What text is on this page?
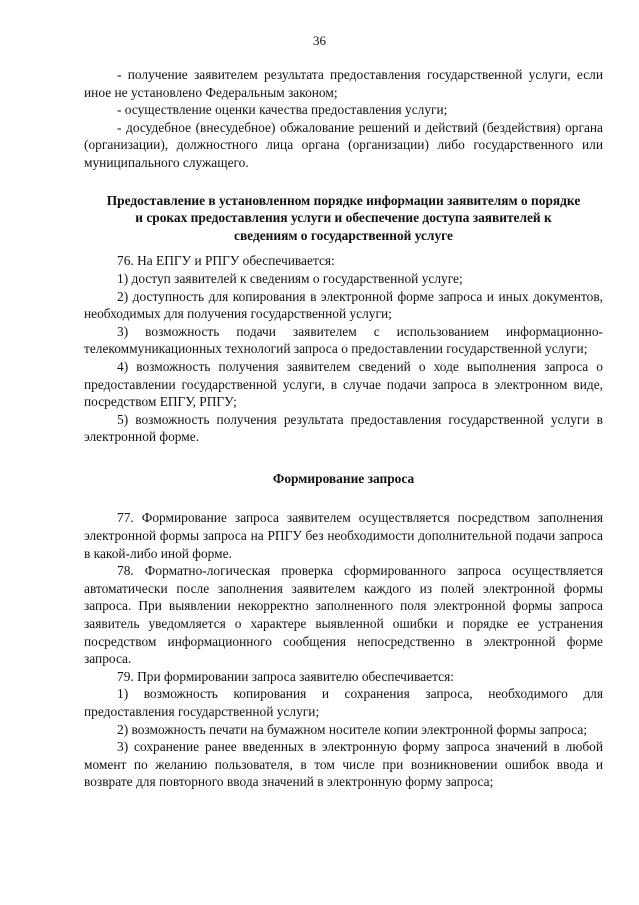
36

- получение заявителем результата предоставления государственной услуги, если иное не установлено Федеральным законом;

- осуществление оценки качества предоставления услуги;

- досудебное (внесудебное) обжалование решений и действий (бездействия) органа (организации), должностного лица органа (организации) либо государственного или муниципального служащего.

Предоставление в установленном порядке информации заявителям о порядке и сроках предоставления услуги и обеспечение доступа заявителей к сведениям о государственной услуге

76. На ЕПГУ и РПГУ обеспечивается:

1) доступ заявителей к сведениям о государственной услуге;

2) доступность для копирования в электронной форме запроса и иных документов, необходимых для получения государственной услуги;

3) возможность подачи заявителем с использованием информационно-телекоммуникационных технологий запроса о предоставлении государственной услуги;

4) возможность получения заявителем сведений о ходе выполнения запроса о предоставлении государственной услуги, в случае подачи запроса в электронном виде, посредством ЕПГУ, РПГУ;

5) возможность получения результата предоставления государственной услуги в электронной форме.

Формирование запроса

77. Формирование запроса заявителем осуществляется посредством заполнения электронной формы запроса на РПГУ без необходимости дополнительной подачи запроса в какой-либо иной форме.

78. Форматно-логическая проверка сформированного запроса осуществляется автоматически после заполнения заявителем каждого из полей электронной формы запроса. При выявлении некорректно заполненного поля электронной формы запроса заявитель уведомляется о характере выявленной ошибки и порядке ее устранения посредством информационного сообщения непосредственно в электронной форме запроса.

79. При формировании запроса заявителю обеспечивается:

1) возможность копирования и сохранения запроса, необходимого для предоставления государственной услуги;

2) возможность печати на бумажном носителе копии электронной формы запроса;

3) сохранение ранее введенных в электронную форму запроса значений в любой момент по желанию пользователя, в том числе при возникновении ошибок ввода и возврате для повторного ввода значений в электронную форму запроса;
